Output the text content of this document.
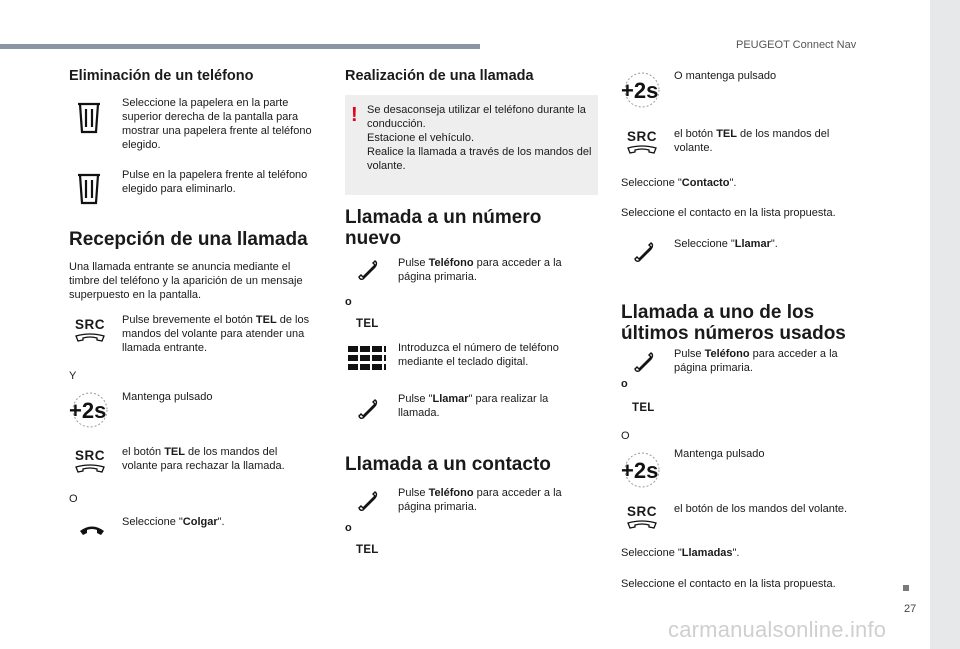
PEUGEOT Connect Nav
27
carmanualsonline.info
Eliminación de un teléfono
Seleccione la papelera en la parte superior derecha de la pantalla para mostrar una papelera frente al teléfono elegido.
Pulse en la papelera frente al teléfono elegido para eliminarlo.
Recepción de una llamada
Una llamada entrante se anuncia mediante el timbre del teléfono y la aparición de un mensaje superpuesto en la pantalla.
SRC	Pulse brevemente el botón TEL de los mandos del volante para atender una llamada entrante.
Y
+2s
Mantenga pulsado
SRC	el botón TEL de los mandos del volante para rechazar la llamada.
O
Seleccione "Colgar".
Realización de una llamada
! Se desaconseja utilizar el teléfono durante la conducción.
Estacione el vehículo.
Realice la llamada a través de los mandos del volante.
Llamada a un número nuevo
Pulse Teléfono para acceder a la página primaria.
o
TEL
Introduzca el número de teléfono mediante el teclado digital.
Pulse "Llamar" para realizar la llamada.
Llamada a un contacto
Pulse Teléfono para acceder a la página primaria.
o
TEL
+2s
O mantenga pulsado
SRC	el botón TEL de los mandos del volante.
Seleccione "Contacto".
Seleccione el contacto en la lista propuesta.
Seleccione "Llamar".
Llamada a uno de los últimos números usados
Pulse Teléfono para acceder a la página primaria.
o
TEL
O
+2s
Mantenga pulsado
SRC	el botón de los mandos del volante.
Seleccione "Llamadas".
Seleccione el contacto en la lista propuesta.
